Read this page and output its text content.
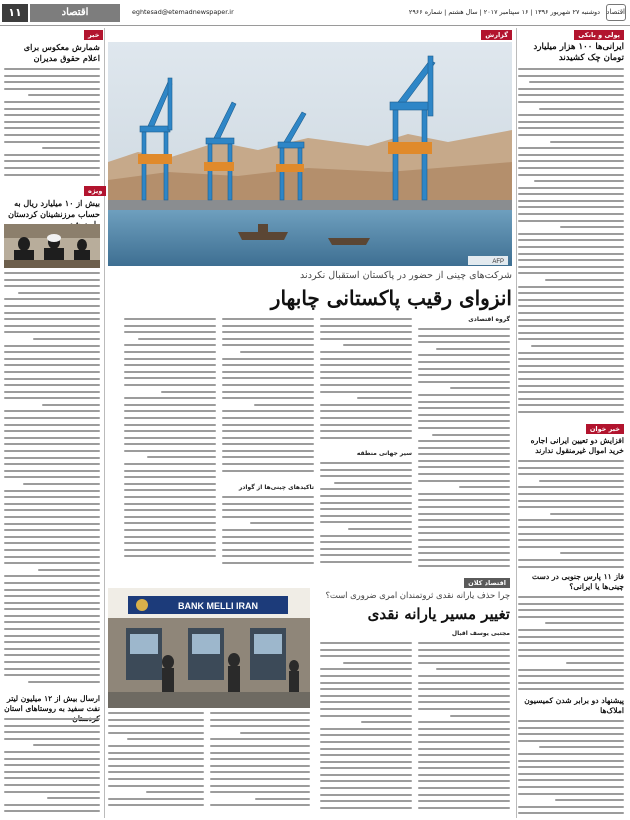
اقتصاد
دوشنبه ۲۷ شهریور ۱۳۹۶ | ۱۶ سپتامبر ۲۰۱۷ | سال هشتم | شماره ۲۹۶۶
eghtesad@etemadnewspaper.ir
اقتصاد
۱۱
پولی و بانکی
ایرانی‌ها ۱۰۰ هزار میلیارد تومان چک کشیدند
خبر خوان
افزایش دو تعیین ایرانی اجاره‌ خرید اموال غیرمنقول ندارند
فاز ۱۱ پارس جنوبی در دست چینی‌ها یا ایرانی؟
پیشنهاد دو برابر شدن کمیسیون املاک‌ها
گزارش
AFP
شرکت‌های چینی از حضور در پاکستان استقبال نکردند
انزوای رقیب پاکستانی چابهار
گروه اقتصادی
سیر جهانی منطقه
تاکیدهای چینی‌ها از گوادر
اقتصاد کلان
چرا حذف یارانه نقدی ثروتمندان امری ضروری است؟
تغییر مسیر یارانه نقدی
مجتبی یوسف اقبال
BANK MELLI IRAN
خبر
شمارش معکوس برای اعلام حقوق مدیران
ویژه
بیش از ۱۰ میلیارد ریال به حساب مرزنشینان کردستان
ارسال بیش از ۱۲ میلیون لیتر نفت سفید به روستاهای استان
